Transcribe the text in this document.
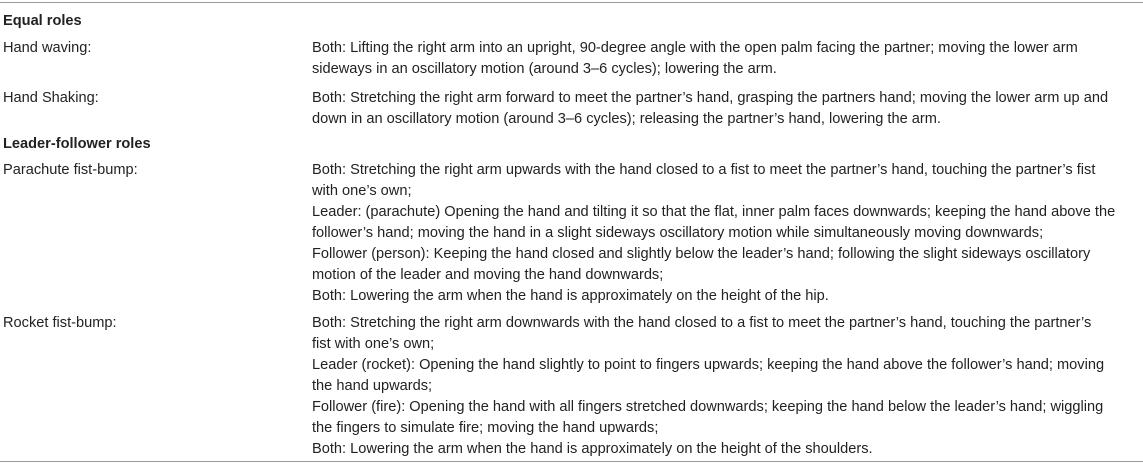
Equal roles
Hand waving:	Both: Lifting the right arm into an upright, 90-degree angle with the open palm facing the partner; moving the lower arm
sideways in an oscillatory motion (around 3–6 cycles); lowering the arm.
Hand Shaking:	Both: Stretching the right arm forward to meet the partner’s hand, grasping the partners hand; moving the lower arm up and
down in an oscillatory motion (around 3–6 cycles); releasing the partner’s hand, lowering the arm.
Leader-follower roles
Parachute fist-bump:	Both: Stretching the right arm upwards with the hand closed to a fist to meet the partner’s hand, touching the partner’s fist
with one’s own;
Leader: (parachute) Opening the hand and tilting it so that the flat, inner palm faces downwards; keeping the hand above the
follower’s hand; moving the hand in a slight sideways oscillatory motion while simultaneously moving downwards;
Follower (person): Keeping the hand closed and slightly below the leader’s hand; following the slight sideways oscillatory
motion of the leader and moving the hand downwards;
Both: Lowering the arm when the hand is approximately on the height of the hip.
Rocket fist-bump:	Both: Stretching the right arm downwards with the hand closed to a fist to meet the partner’s hand, touching the partner’s
fist with one’s own;
Leader (rocket): Opening the hand slightly to point to fingers upwards; keeping the hand above the follower’s hand; moving
the hand upwards;
Follower (fire): Opening the hand with all fingers stretched downwards; keeping the hand below the leader’s hand; wiggling
the fingers to simulate fire; moving the hand upwards;
Both: Lowering the arm when the hand is approximately on the height of the shoulders.
